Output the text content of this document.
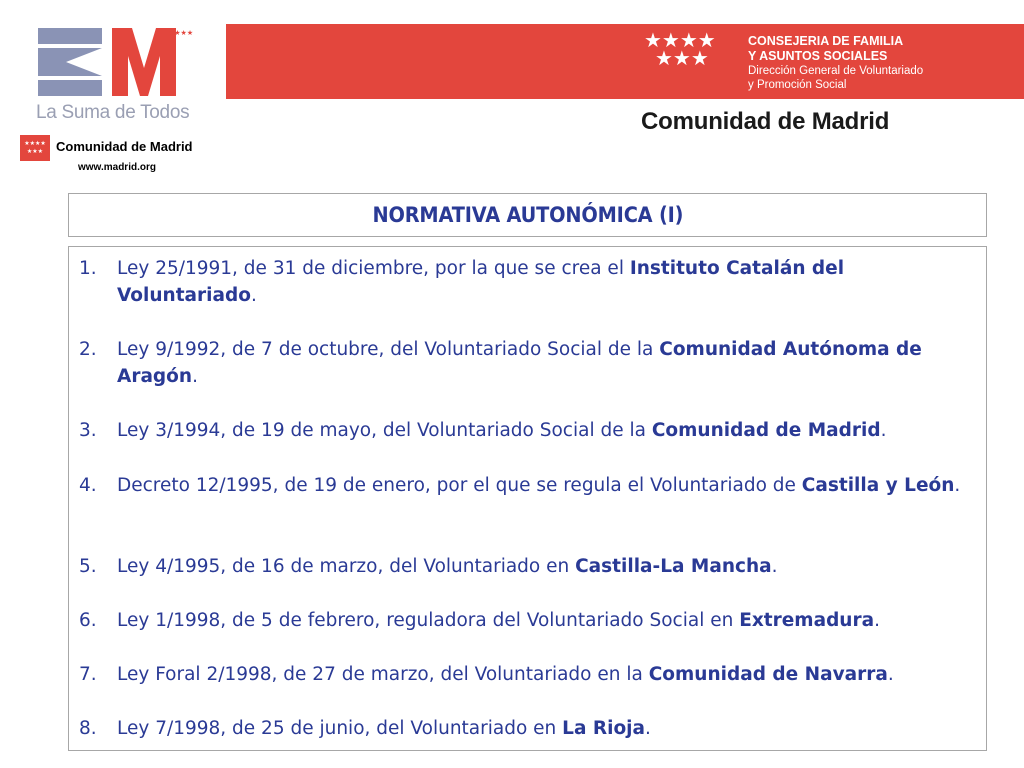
★★★★
La Suma de Todos
★★★★
★★★ Comunidad de Madrid
www.madrid.org
★★★★
★★★
CONSEJERIA DE FAMILIA
Y ASUNTOS SOCIALES
Dirección General de Voluntariado
y Promoción Social
Comunidad de Madrid
NORMATIVA AUTONÓMICA (I)
1. Ley 25/1991, de 31 de diciembre, por la que se crea el Instituto Catalán del Voluntariado.
2. Ley 9/1992, de 7 de octubre, del Voluntariado Social de la Comunidad Autónoma de Aragón.
3. Ley 3/1994, de 19 de mayo, del Voluntariado Social de la Comunidad de Madrid.
4. Decreto 12/1995, de 19 de enero, por el que se regula el Voluntariado de Castilla y León.
5. Ley 4/1995, de 16 de marzo, del Voluntariado en Castilla-La Mancha.
6. Ley 1/1998, de 5 de febrero, reguladora del Voluntariado Social en Extremadura.
7. Ley Foral 2/1998, de 27 de marzo, del Voluntariado en la Comunidad de Navarra.
8. Ley 7/1998, de 25 de junio, del Voluntariado en La Rioja.
